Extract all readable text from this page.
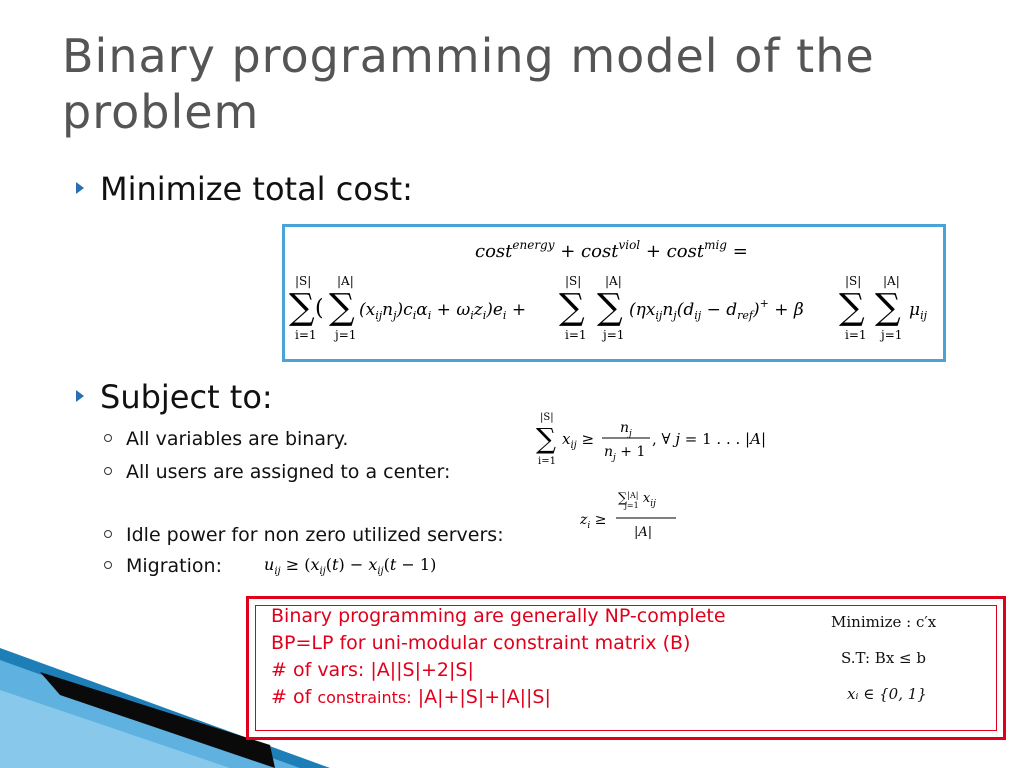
Binary programming model of the problem
Minimize total cost:
cost$^{energy}$ + cost$^{viol}$ + cost$^{mig}$ =
|S|
∑
i=1
(
|A|
∑
j=1
$(x_{ij}n_j)c_i\alpha_i + \omega_iz_i)e_i$ +
|S|
∑
i=1
|A|
∑
j=1
($\eta x_{ij}n_j(d_{ij} - d_{ref})^+ + \beta$
|S|
∑
i=1
|A|
∑
j=1
$\mu_{ij}$
Subject to:
All variables are binary.
All users are assigned to a center:
Idle power for non zero utilized servers:
Migration:
|S|
∑
i=1
$x_{ij}$ ≥
$n_j$
$n_j + 1$
, ∀ j = 1 . . . |A|
$z_i$ ≥
∑$^{|A|}$ j=1 $x_{ij}$
|A|
$u_{ij} \ge (x_{ij}(t) - x_{ij}(t - 1)$
Binary programming are generally NP-complete
BP=LP for uni-modular constraint matrix (B)
# of vars: |A||S|+2|S|
# of constraints: |A|+|S|+|A||S|
Minimize : c′x
S.T: Bx ≤ b
xᵢ ∈ {0, 1}
